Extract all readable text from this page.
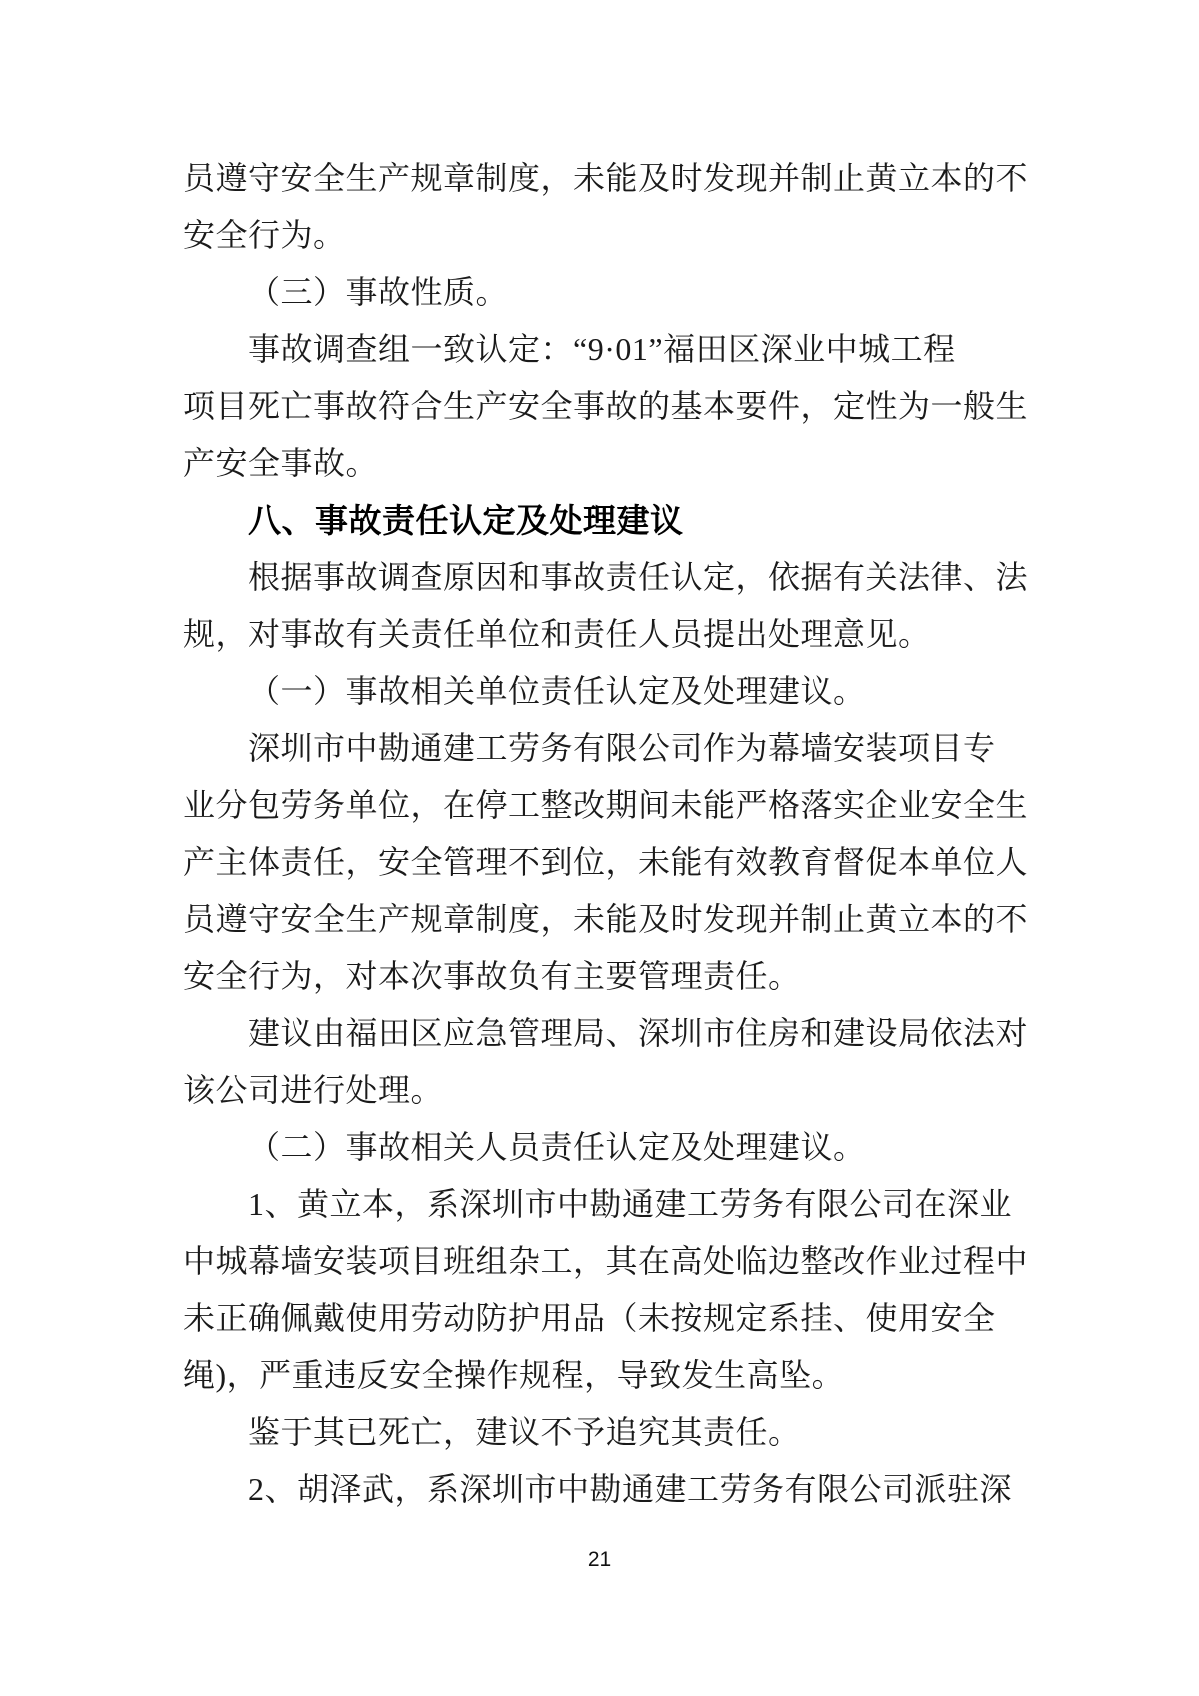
员遵守安全生产规章制度，未能及时发现并制止黄立本的不
安全行为。
（三）事故性质。
事故调查组一致认定：“9·01”福田区深业中城工程
项目死亡事故符合生产安全事故的基本要件，定性为一般生
产安全事故。
八、事故责任认定及处理建议
根据事故调查原因和事故责任认定，依据有关法律、法
规，对事故有关责任单位和责任人员提出处理意见。
（一）事故相关单位责任认定及处理建议。
深圳市中勘通建工劳务有限公司作为幕墙安装项目专
业分包劳务单位，在停工整改期间未能严格落实企业安全生
产主体责任，安全管理不到位，未能有效教育督促本单位人
员遵守安全生产规章制度，未能及时发现并制止黄立本的不
安全行为，对本次事故负有主要管理责任。
建议由福田区应急管理局、深圳市住房和建设局依法对
该公司进行处理。
（二）事故相关人员责任认定及处理建议。
1、黄立本，系深圳市中勘通建工劳务有限公司在深业
中城幕墙安装项目班组杂工，其在高处临边整改作业过程中
未正确佩戴使用劳动防护用品（未按规定系挂、使用安全
绳)，严重违反安全操作规程，导致发生高坠。
鉴于其已死亡，建议不予追究其责任。
2、胡泽武，系深圳市中勘通建工劳务有限公司派驻深
21
